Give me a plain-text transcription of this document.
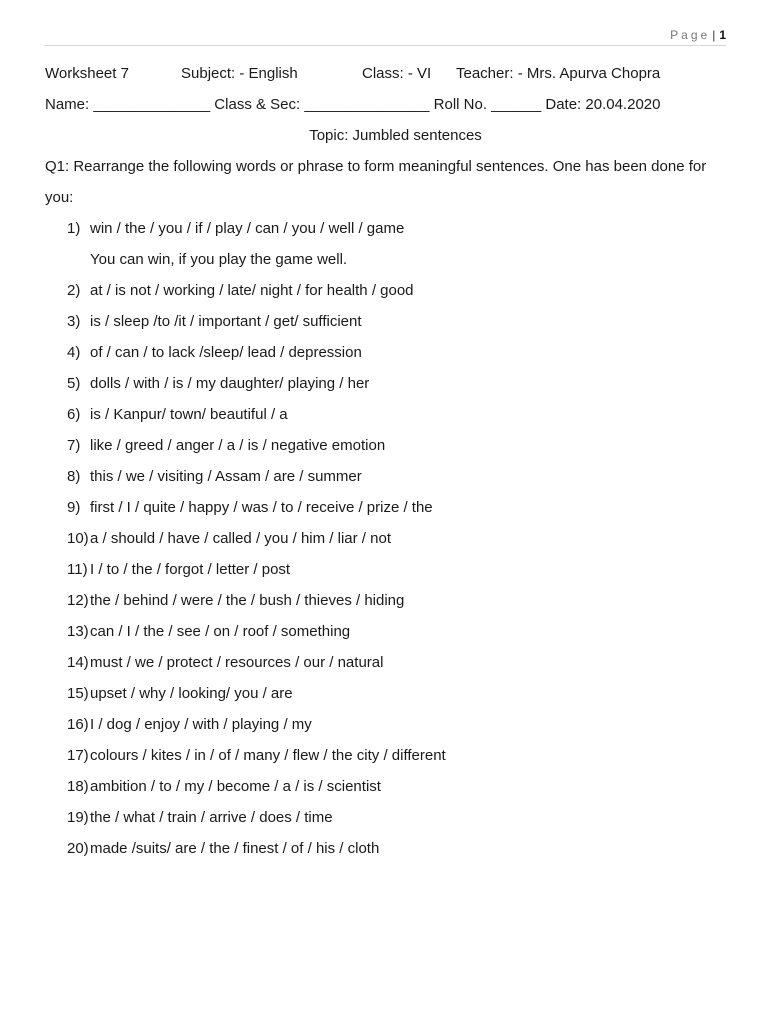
Page | 1
Worksheet 7	Subject: - English	Class: - VI Teacher: - Mrs. Apurva Chopra
Name: ______________ Class & Sec: _______________ Roll No. ______ Date: 20.04.2020
Topic: Jumbled sentences
Q1: Rearrange the following words or phrase to form meaningful sentences. One has been done for you:
1) win / the / you / if / play / can / you / well / game
You can win, if you play the game well.
2) at / is not / working / late/ night / for health / good
3) is / sleep /to /it / important / get/ sufficient
4) of / can / to lack /sleep/ lead / depression
5) dolls / with / is / my daughter/ playing / her
6) is / Kanpur/ town/ beautiful / a
7) like / greed / anger / a / is / negative emotion
8) this / we / visiting / Assam / are / summer
9) first / I / quite / happy / was / to / receive / prize / the
10) a / should / have / called / you / him / liar / not
11) I / to / the / forgot / letter / post
12) the / behind / were / the / bush / thieves / hiding
13) can / I / the / see / on / roof / something
14) must / we / protect / resources / our / natural
15) upset / why / looking/ you / are
16) I / dog / enjoy / with / playing / my
17) colours / kites / in / of / many / flew / the city / different
18) ambition / to / my / become / a / is / scientist
19) the / what / train / arrive / does / time
20) made /suits/ are / the / finest / of / his / cloth
